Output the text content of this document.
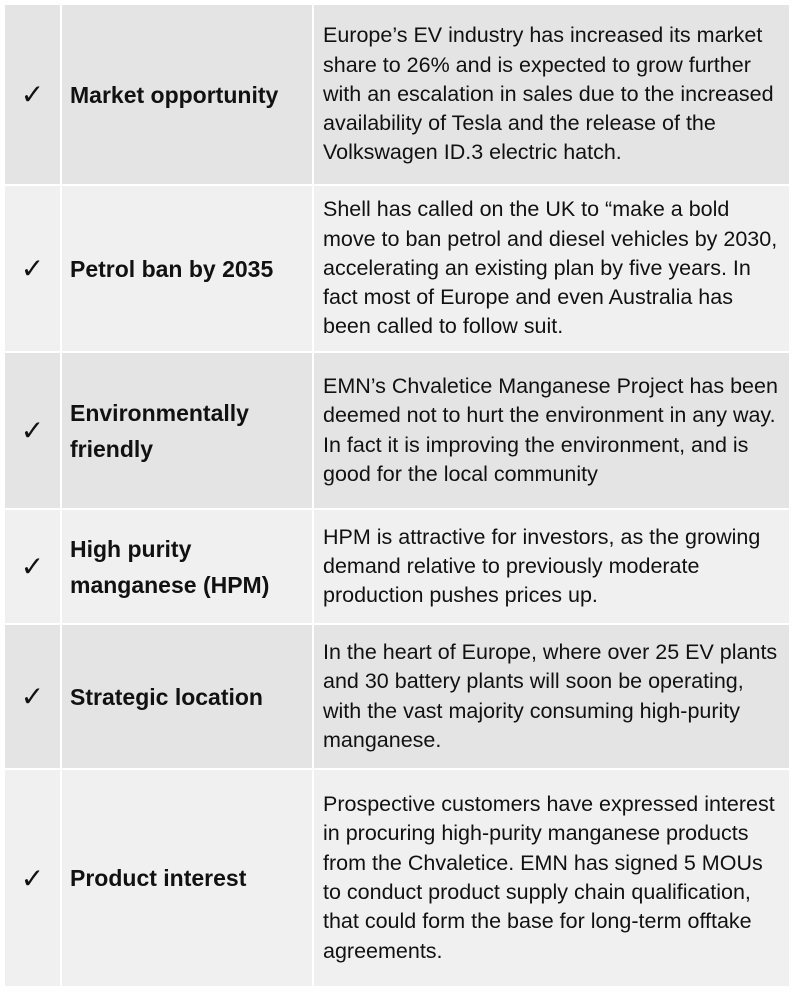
✓	Market opportunity	Europe’s EV industry has increased its market share to 26% and is expected to grow further with an escalation in sales due to the increased availability of Tesla and the release of the Volkswagen ID.3 electric hatch.
✓	Petrol ban by 2035	Shell has called on the UK to “make a bold move to ban petrol and diesel vehicles by 2030, accelerating an existing plan by five years. In fact most of Europe and even Australia has been called to follow suit.
✓	Environmentally friendly	EMN’s Chvaletice Manganese Project has been deemed not to hurt the environment in any way. In fact it is improving the environment, and is good for the local community
✓	High purity manganese (HPM)	HPM is attractive for investors, as the growing demand relative to previously moderate production pushes prices up.
✓	Strategic location	In the heart of Europe, where over 25 EV plants and 30 battery plants will soon be operating, with the vast majority consuming high-purity manganese.
✓	Product interest	Prospective customers have expressed interest in procuring high-purity manganese products from the Chvaletice. EMN has signed 5 MOUs to conduct product supply chain qualification, that could form the base for long-term offtake agreements.
